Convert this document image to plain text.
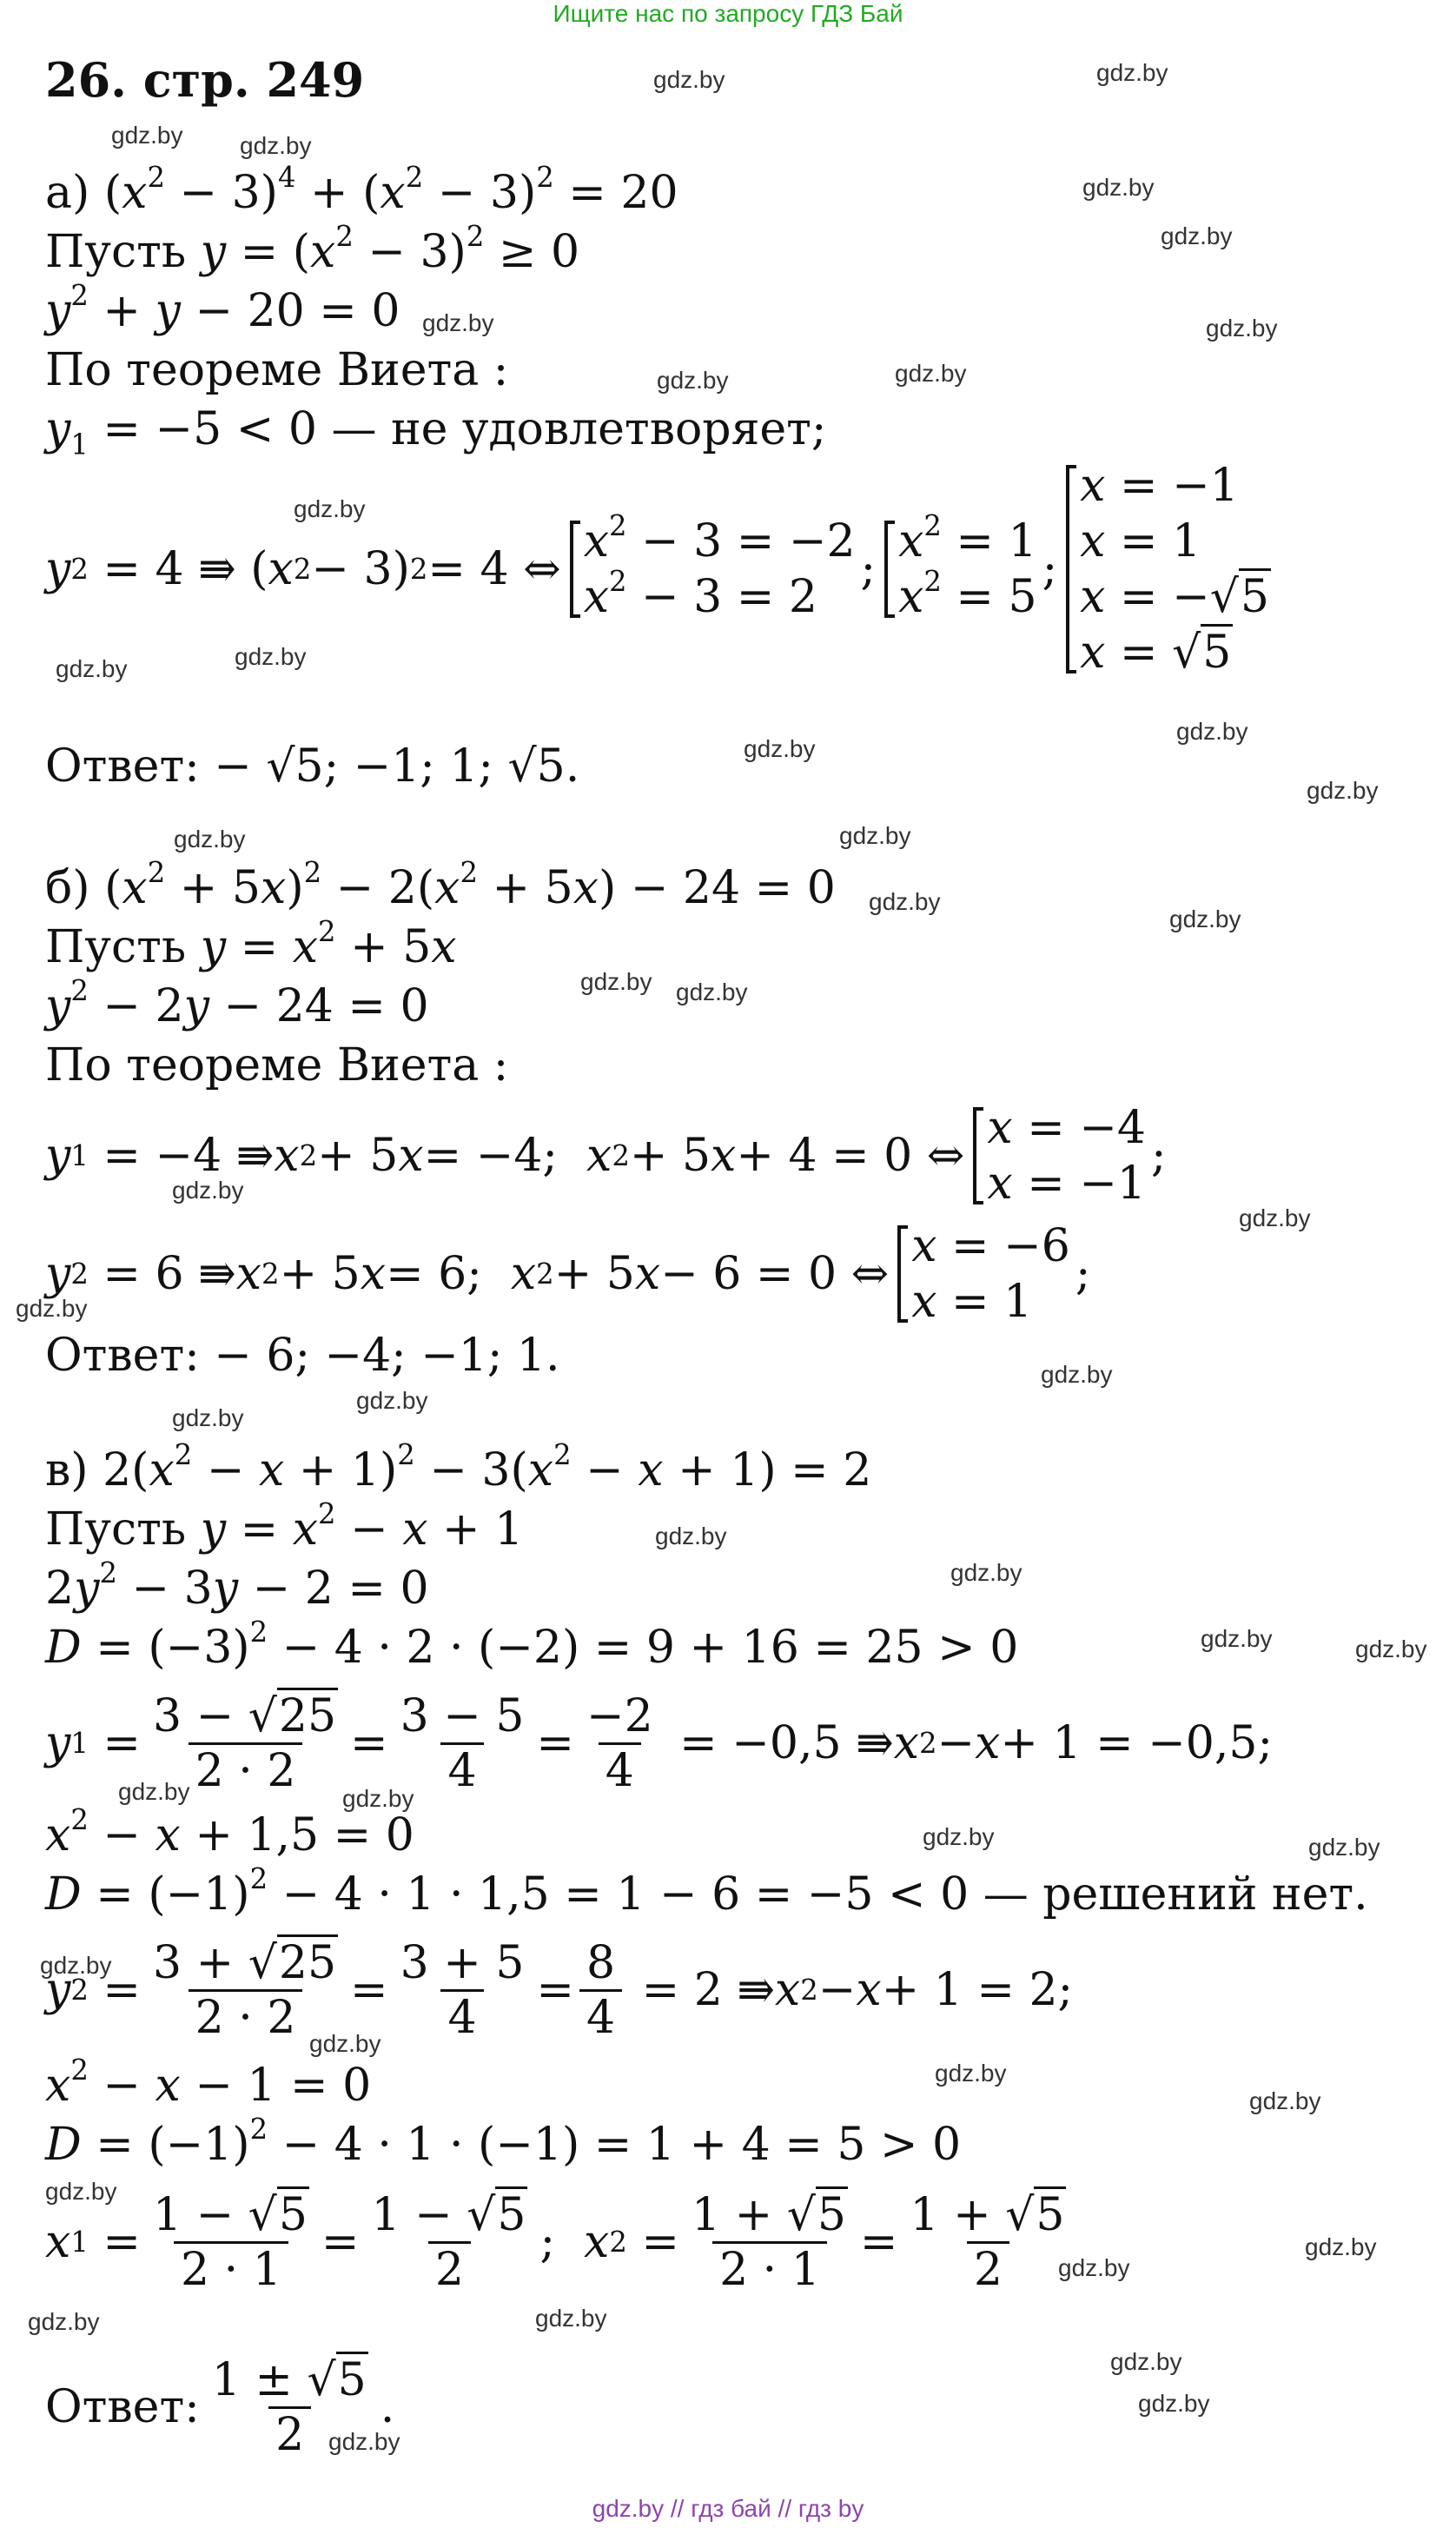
Ищите нас по запросу ГДЗ Бай
26. стр. 249
а) $(x^2 - 3)^4 + (x^2 - 3)^2 = 20$
Пусть $y = (x^2 - 3)^2 \ge 0$
$y^2 + y - 20 = 0$
По теореме Виета :
$y_1 = -5 < 0$ — не удовлетворяет;
y 2 = 4 ⇛ ( x 2 − 3) 2 = 4 ⇔
$x^2 - 3 = -2$
$x^2 - 3 = 2$
;
$x^2 = 1$
$x^2 = 5$
;
x = −1
x = 1
x = −√5
x = √5
Ответ: − √5; −1; 1; √5.
б) $(x^2 + 5x)^2 - 2(x^2 + 5x) - 24 = 0$
Пусть $y = x^2 + 5x$
$y^2 - 2y - 24 = 0$
По теореме Виета :
y 1 = −4 ⇛ x 2 + 5 x = −4; x 2 + 5 x + 4 = 0 ⇔
x = −4
x = −1
;
y 2 = 6 ⇛ x 2 + 5 x = 6; x 2 + 5 x − 6 = 0 ⇔
x = −6
x = 1
;
Ответ: − 6; −4; −1; 1.
в) $2(x^2 - x + 1)^2 - 3(x^2 - x + 1) = 2$
Пусть $y = x^2 - x + 1$
$2y^2 - 3y - 2 = 0$
$D = (-3)^2 - 4 \cdot 2 \cdot (-2) = 9 + 16 = 25 > 0$
y $1 = \frac{3 - √25}{2 \cdot 2} = \frac{3 - 5}{4} = \frac{-2}{4} = -0,5$ ⇛ x 2 − x + 1 = −0,5;
$x^2 - x + 1,5 = 0$
$D = (-1)^2 - 4 \cdot 1 \cdot 1,5 = 1 - 6 = -5 < 0$ — решений нет.
y $2 = \frac{3 + √25}{2 \cdot 2} = \frac{3 + 5}{4} = \frac{8}{4} = 2$ ⇛ x 2 − x + 1 = 2;
$x^2 - x - 1 = 0$
$D = (-1)^2 - 4 \cdot 1 \cdot (-1) = 1 + 4 = 5 > 0$
x $1 = \frac{1 - √5}{2 \cdot 1} = \frac{1 - √5}{2}$ ; x $2 = \frac{1 + √5}{2 \cdot 1} = \frac{1 + √5}{2}$
Ответ: $\frac{1 \pm √5}{2}$ .
gdz.by	gdz.by
gdz.by gdz.by
gdz.by
gdz.by
gdz.by	gdz.by
gdz.by	gdz.by
gdz.by
gdz.by	gdz.by
gdz.by
gdz.by
gdz.by
gdz.by	gdz.by
gdz.by
gdz.by
gdz.by gdz.by
gdz.by
gdz.by
gdz.by
gdz.by
gdz.by
gdz.by
gdz.by
gdz.by
gdz.by	gdz.by
gdz.by	gdz.by
gdz.by	gdz.by
gdz.by
gdz.by
gdz.by
gdz.by
gdz.by
gdz.by
gdz.by
gdz.by	gdz.by
gdz.by
gdz.by
gdz.by
gdz.by // гдз бай // гдз by
